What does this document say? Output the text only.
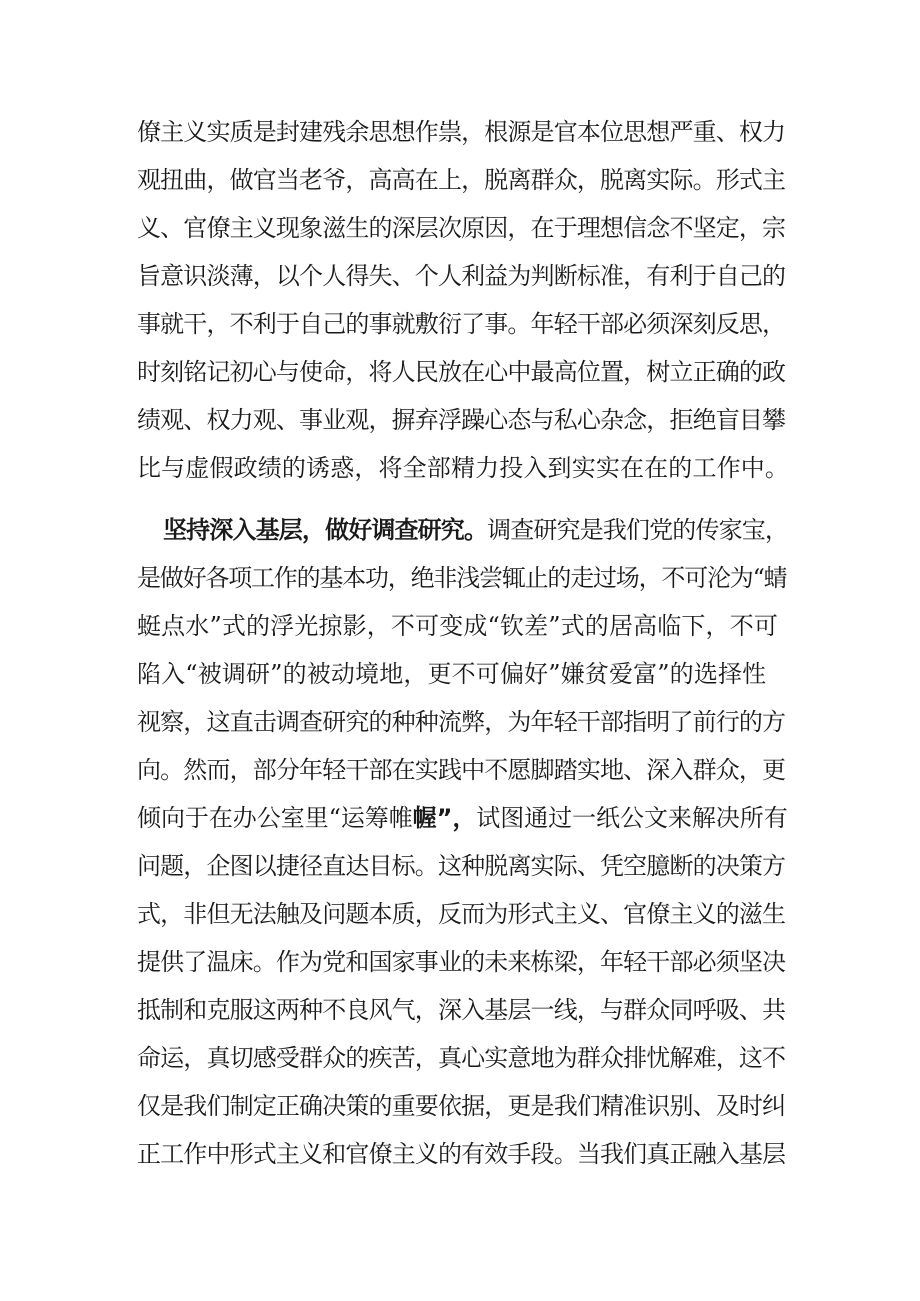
僚主义实质是封建残余思想作祟，根源是官本位思想严重、权力
观扭曲，做官当老爷，高高在上，脱离群众，脱离实际。形式主
义、官僚主义现象滋生的深层次原因，在于理想信念不坚定，宗
旨意识淡薄，以个人得失、个人利益为判断标准，有利于自己的
事就干，不利于自己的事就敷衍了事。年轻干部必须深刻反思，
时刻铭记初心与使命，将人民放在心中最高位置，树立正确的政
绩观、权力观、事业观，摒弃浮躁心态与私心杂念，拒绝盲目攀
比与虚假政绩的诱惑，将全部精力投入到实实在在的工作中。
坚持深入基层，做好调查研究。调查研究是我们党的传家宝，
是做好各项工作的基本功，绝非浅尝辄止的走过场，不可沦为“蜻
蜓点水”式的浮光掠影，不可变成“钦差”式的居高临下，不可
陷入“被调研”的被动境地，更不可偏好”嫌贫爱富”的选择性
视察，这直击调查研究的种种流弊，为年轻干部指明了前行的方
向。然而，部分年轻干部在实践中不愿脚踏实地、深入群众，更
倾向于在办公室里“运筹帷幄”，试图通过一纸公文来解决所有
问题，企图以捷径直达目标。这种脱离实际、凭空臆断的决策方
式，非但无法触及问题本质，反而为形式主义、官僚主义的滋生
提供了温床。作为党和国家事业的未来栋梁，年轻干部必须坚决
抵制和克服这两种不良风气，深入基层一线，与群众同呼吸、共
命运，真切感受群众的疾苦，真心实意地为群众排忧解难，这不
仅是我们制定正确决策的重要依据，更是我们精准识别、及时纠
正工作中形式主义和官僚主义的有效手段。当我们真正融入基层
